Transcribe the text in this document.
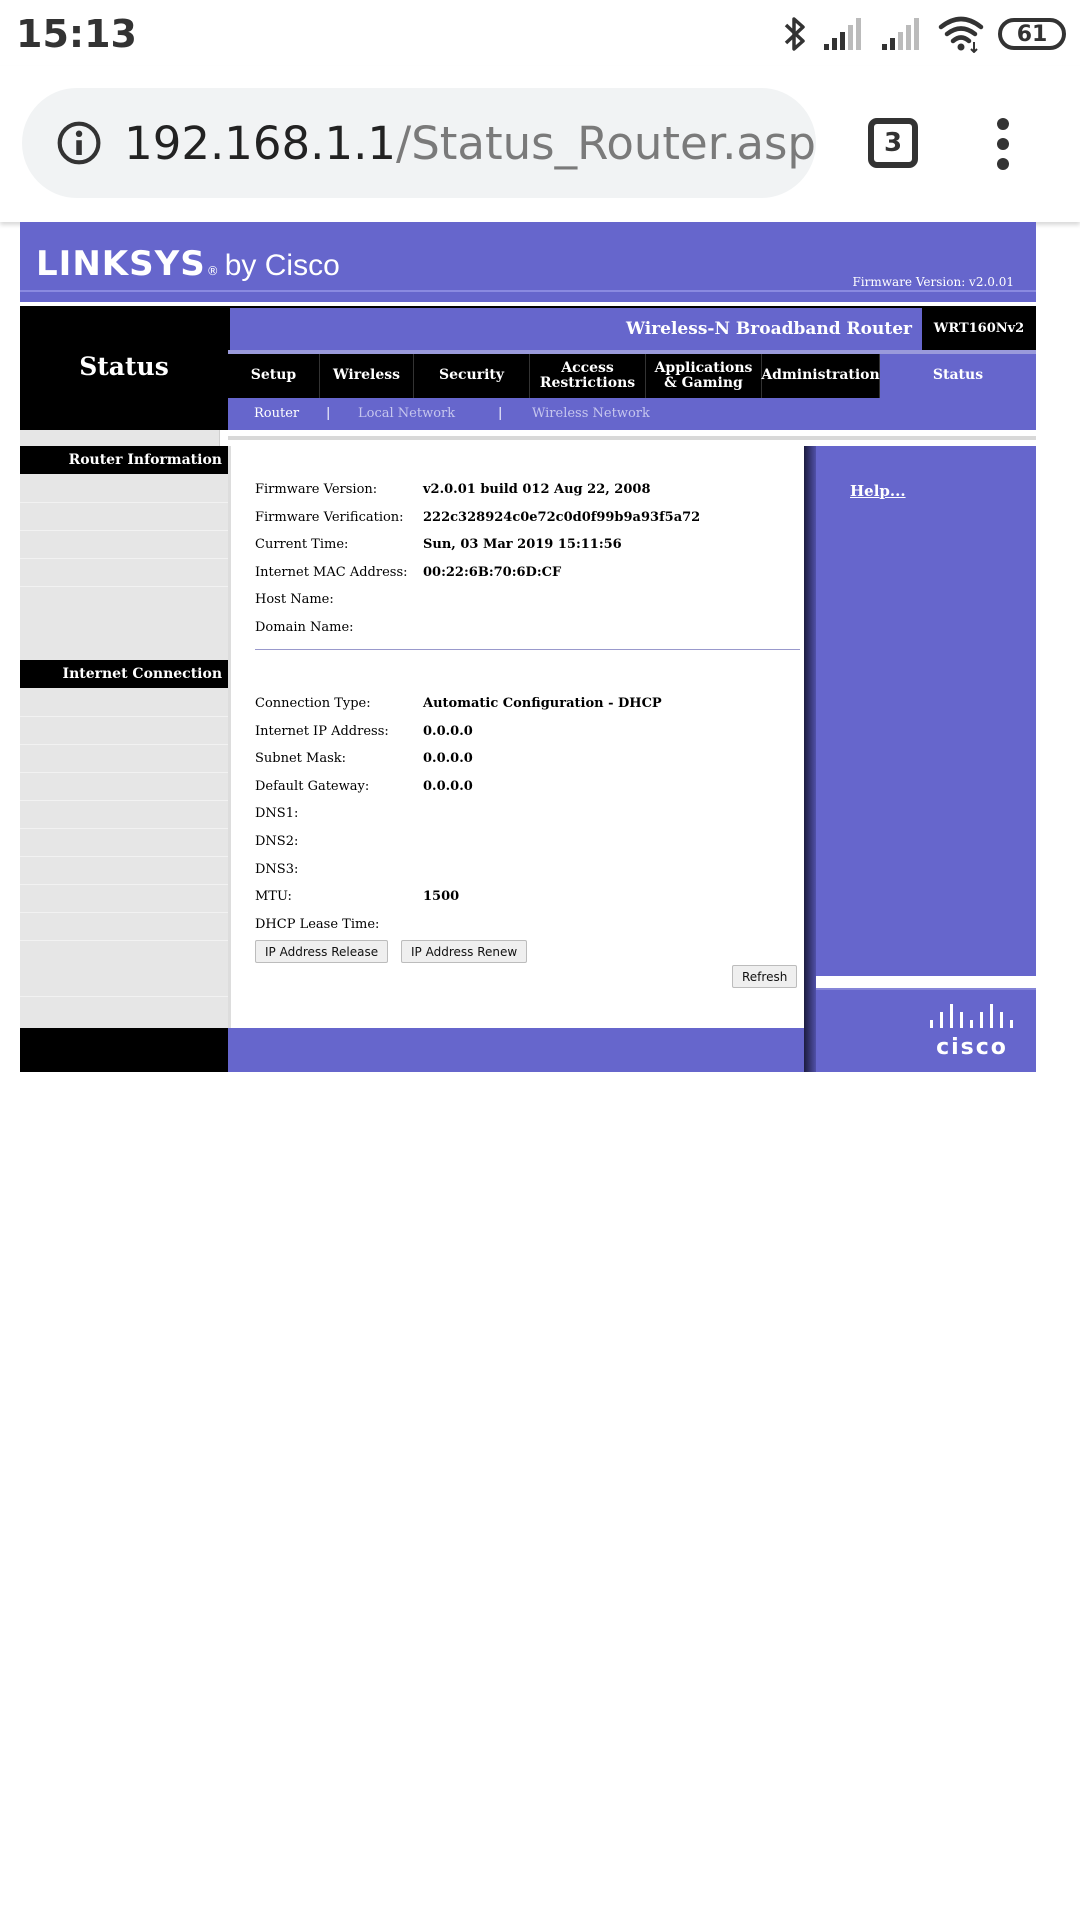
15:13	61
192.168.1.1/Status_Router.asp	3
LINKSYS ® by Cisco	Firmware Version: v2.0.01
Status
Wireless-N Broadband Router	WRT160Nv2
Setup	Wireless	Security	Access Restrictions
Applications & Gaming	Administration	Status
Router | Local Network	| Wireless Network
Router Information
Internet Connection
Firmware Version:	v2.0.01 build 012 Aug 22, 2008
Firmware Verification: 222c328924c0e72c0d0f99b9a93f5a72
Current Time:	Sun, 03 Mar 2019 15:11:56
Internet MAC Address: 00:22:6B:70:6D:CF
Host Name:
Domain Name:
Connection Type:	Automatic Configuration - DHCP
Internet IP Address:	0.0.0.0
Subnet Mask:	0.0.0.0
Default Gateway:	0.0.0.0
DNS1:
DNS2:
DNS3:
MTU:	1500
DHCP Lease Time:
IP Address Release	IP Address Renew
Refresh
Help...
cisco
